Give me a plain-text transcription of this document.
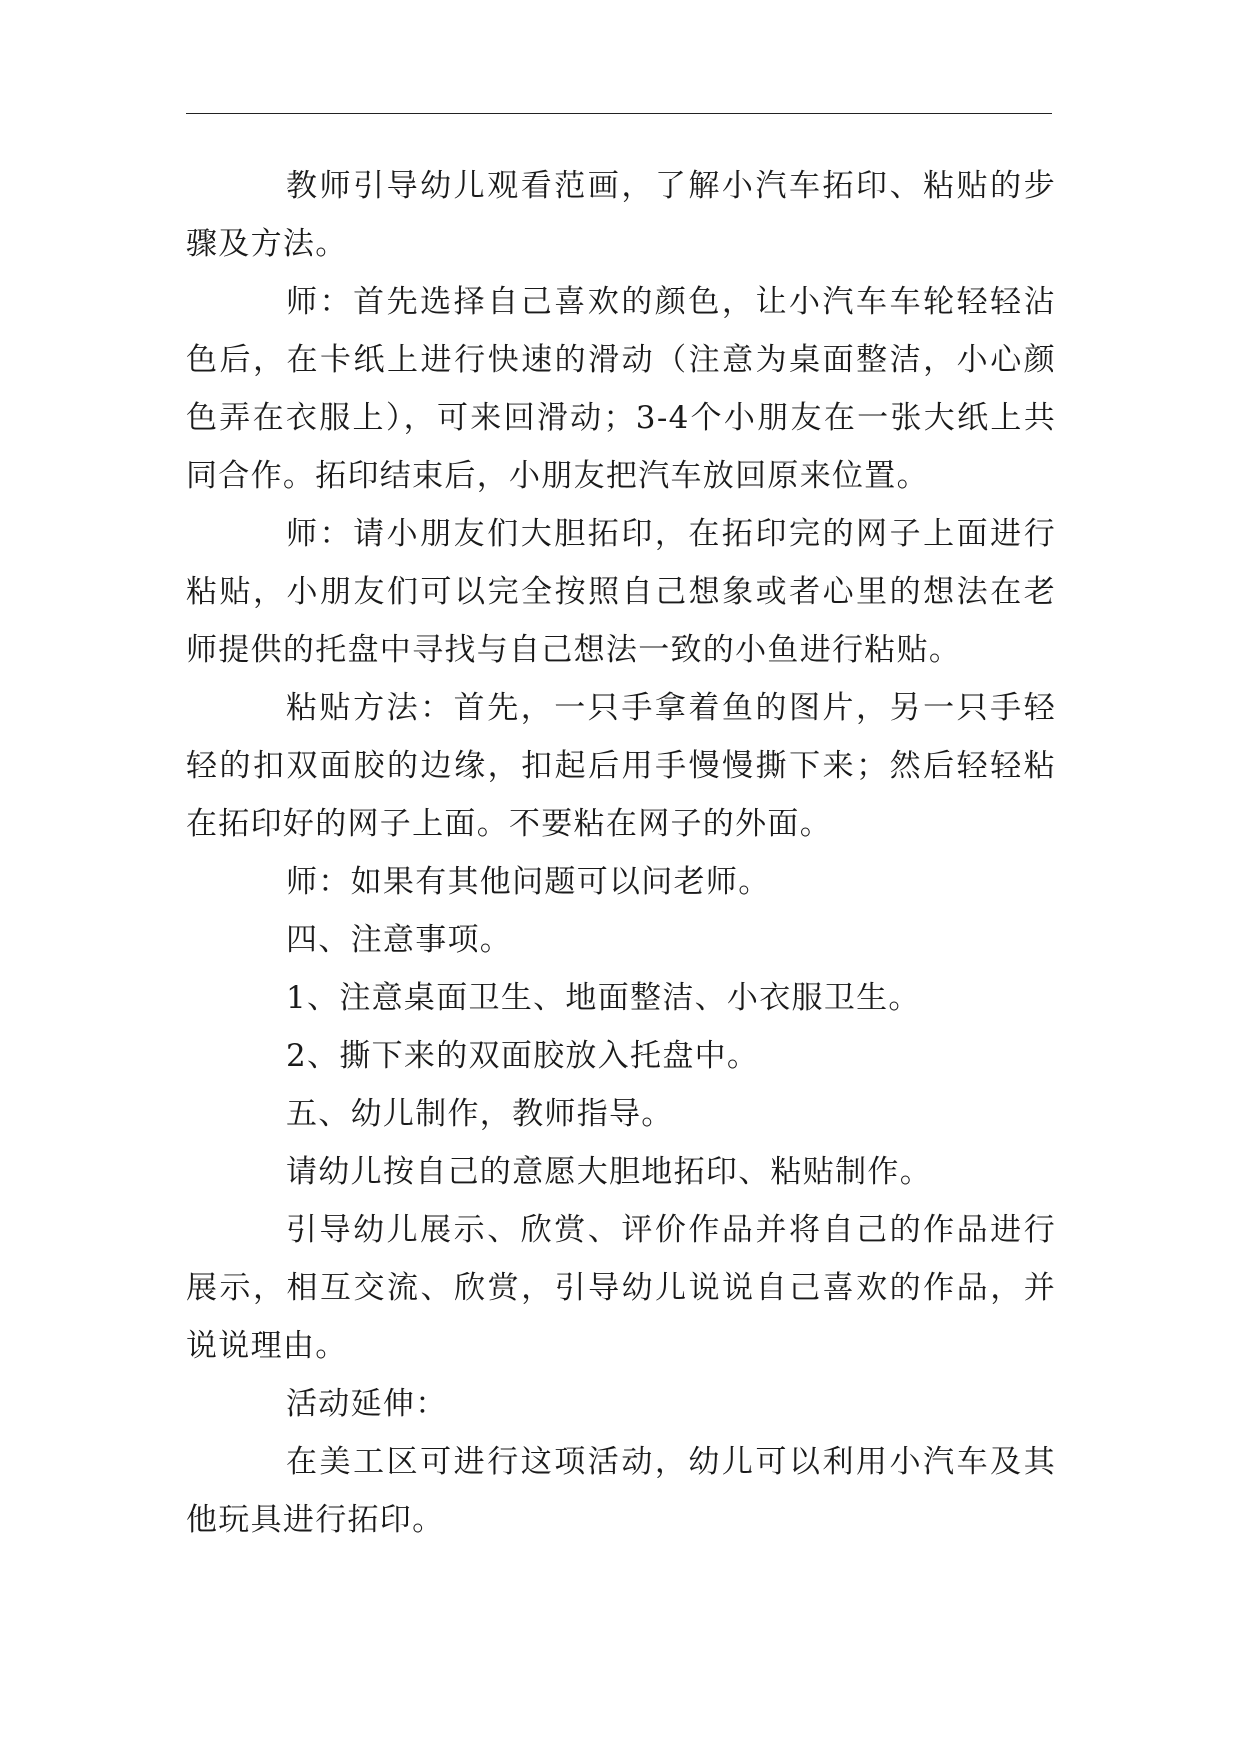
教师引导幼儿观看范画，了解小汽车拓印、粘贴的步骤及方法。

师：首先选择自己喜欢的颜色，让小汽车车轮轻轻沾色后，在卡纸上进行快速的滑动（注意为桌面整洁，小心颜色弄在衣服上），可来回滑动；3-4个小朋友在一张大纸上共同合作。拓印结束后，小朋友把汽车放回原来位置。

师：请小朋友们大胆拓印，在拓印完的网子上面进行粘贴，小朋友们可以完全按照自己想象或者心里的想法在老师提供的托盘中寻找与自己想法一致的小鱼进行粘贴。

粘贴方法：首先，一只手拿着鱼的图片，另一只手轻轻的扣双面胶的边缘，扣起后用手慢慢撕下来；然后轻轻粘在拓印好的网子上面。不要粘在网子的外面。

师：如果有其他问题可以问老师。

四、注意事项。

1、注意桌面卫生、地面整洁、小衣服卫生。

2、撕下来的双面胶放入托盘中。

五、幼儿制作，教师指导。

请幼儿按自己的意愿大胆地拓印、粘贴制作。

引导幼儿展示、欣赏、评价作品并将自己的作品进行展示，相互交流、欣赏，引导幼儿说说自己喜欢的作品，并说说理由。

活动延伸：

在美工区可进行这项活动，幼儿可以利用小汽车及其他玩具进行拓印。
